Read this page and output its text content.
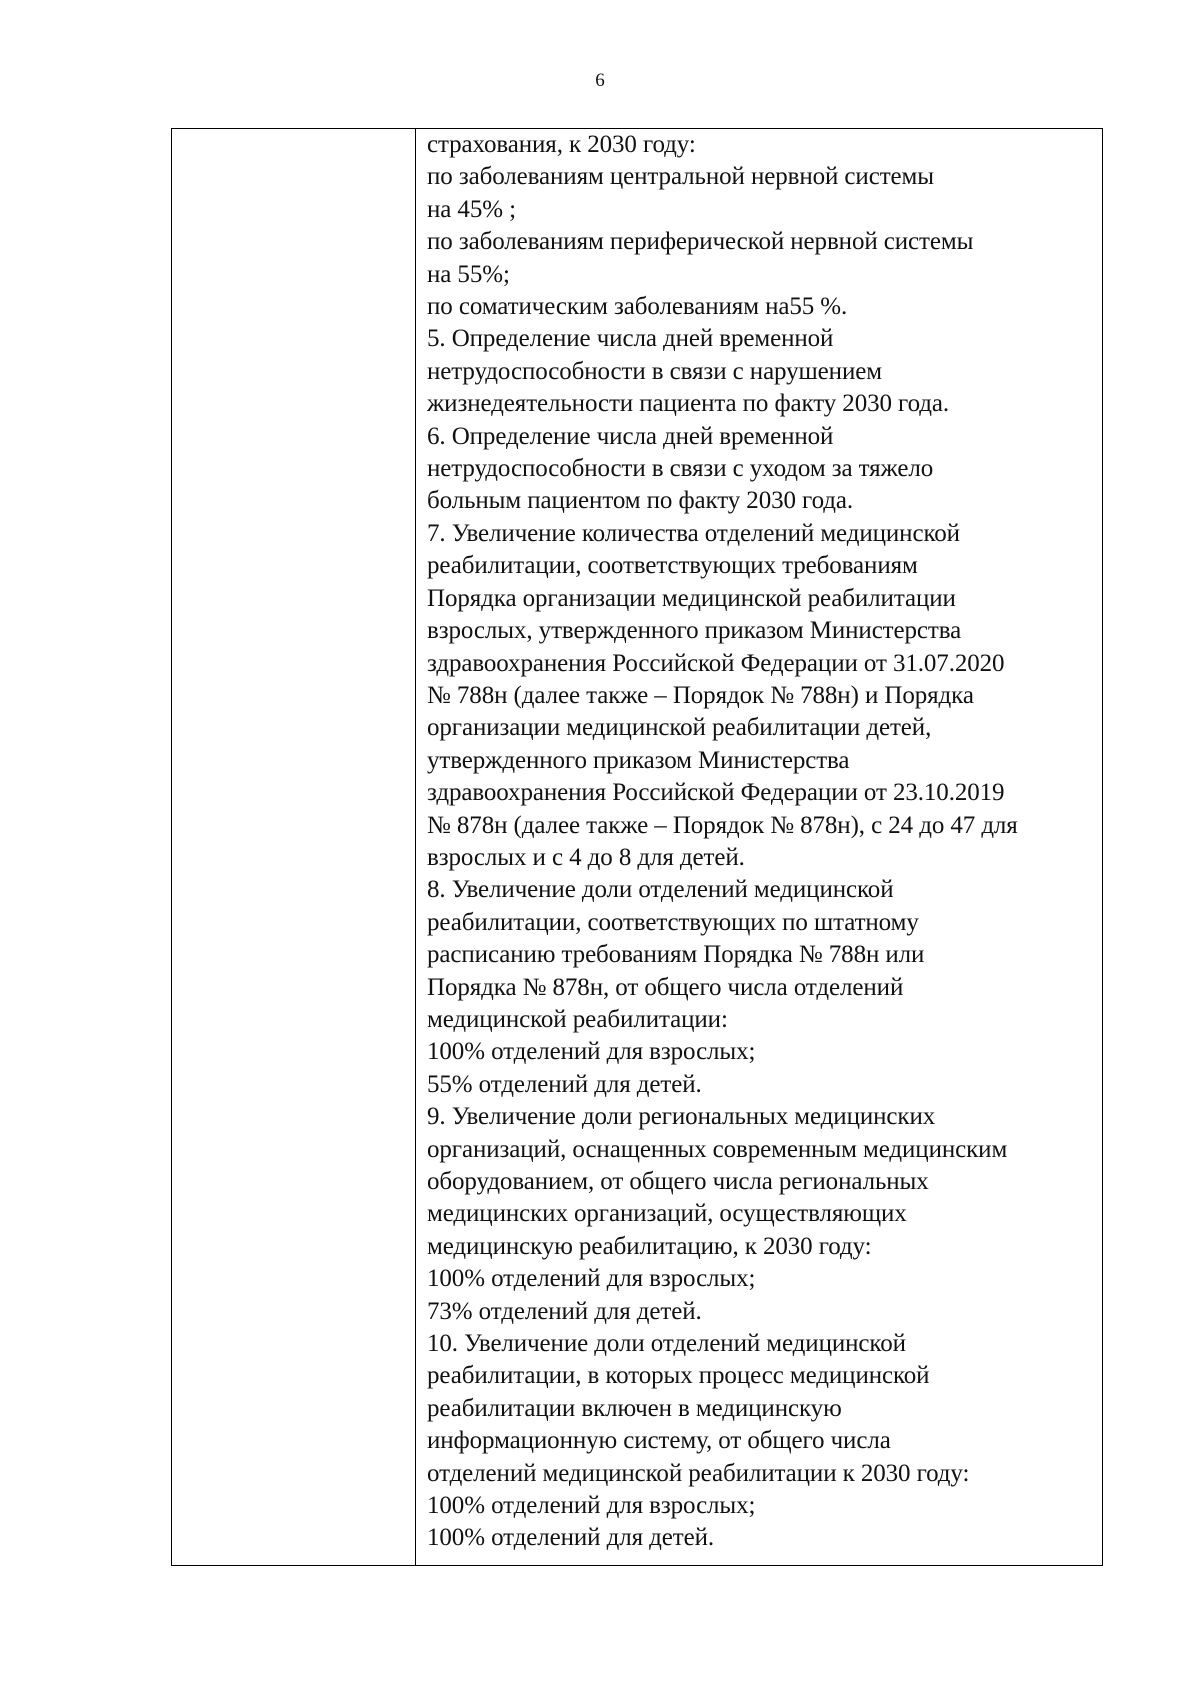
6
страхования, к 2030 году:
по заболеваниям центральной нервной системы
на 45% ;
по заболеваниям периферической нервной системы
на 55%;
по соматическим заболеваниям на55 %.
5. Определение числа дней временной
нетрудоспособности в связи с нарушением
жизнедеятельности пациента по факту 2030 года.
6. Определение числа дней временной
нетрудоспособности в связи с уходом за тяжело
больным пациентом по факту 2030 года.
7. Увеличение количества отделений медицинской
реабилитации, соответствующих требованиям
Порядка организации медицинской реабилитации
взрослых, утвержденного приказом Министерства
здравоохранения Российской Федерации от 31.07.2020
№ 788н (далее также – Порядок № 788н) и Порядка
организации медицинской реабилитации детей,
утвержденного приказом Министерства
здравоохранения Российской Федерации от 23.10.2019
№ 878н (далее также – Порядок № 878н), с 24 до 47 для
взрослых и с 4 до 8 для детей.
8. Увеличение доли отделений медицинской
реабилитации, соответствующих по штатному
расписанию требованиям Порядка № 788н или
Порядка № 878н, от общего числа отделений
медицинской реабилитации:
100% отделений для взрослых;
55% отделений для детей.
9. Увеличение доли региональных медицинских
организаций, оснащенных современным медицинским
оборудованием, от общего числа региональных
медицинских организаций, осуществляющих
медицинскую реабилитацию, к 2030 году:
100% отделений для взрослых;
73% отделений для детей.
10. Увеличение доли отделений медицинской
реабилитации, в которых процесс медицинской
реабилитации включен в медицинскую
информационную систему, от общего числа
отделений медицинской реабилитации к 2030 году:
100% отделений для взрослых;
100% отделений для детей.
